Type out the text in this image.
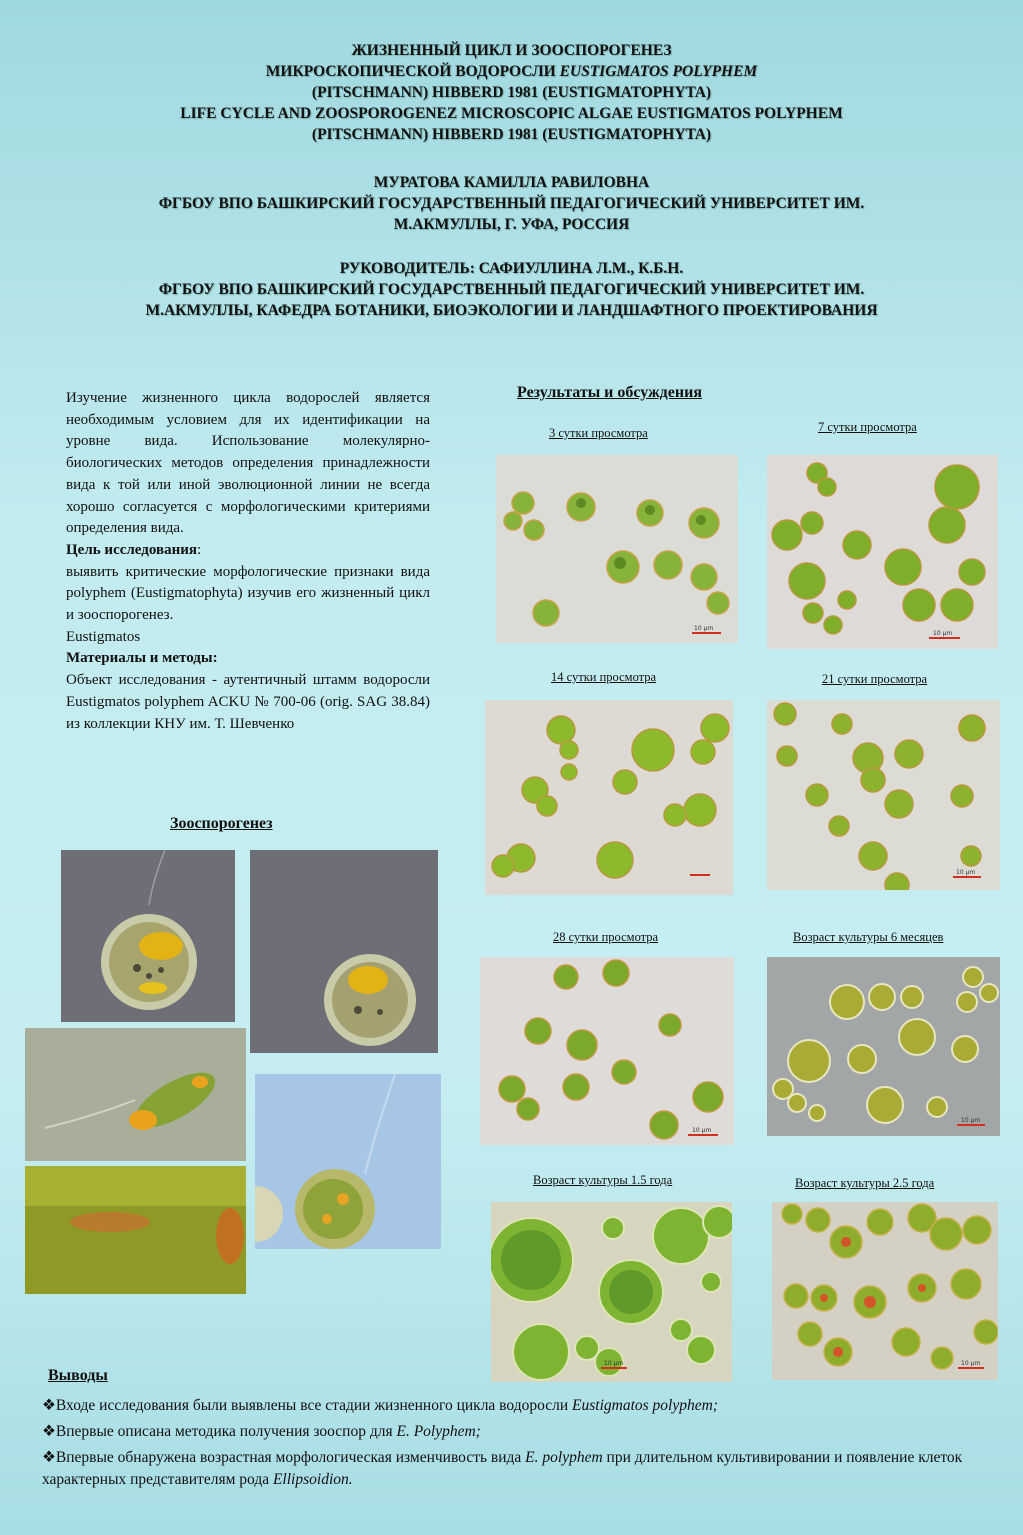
ЖИЗНЕННЫЙ ЦИКЛ И ЗООСПОРОГЕНЕЗ
МИКРОСКОПИЧЕСКОЙ ВОДОРОСЛИ EUSTIGMATOS POLYPHEM
(PITSCHMANN) HIBBERD 1981 (EUSTIGMATOPHYTA)
LIFE CYCLE AND ZOOSPOROGENEZ MICROSCOPIC ALGAE EUSTIGMATOS POLYPHEM
(PITSCHMANN) HIBBERD 1981 (EUSTIGMATOPHYTA)
МУРАТОВА КАМИЛЛА РАВИЛОВНА
ФГБОУ ВПО БАШКИРСКИЙ ГОСУДАРСТВЕННЫЙ ПЕДАГОГИЧЕСКИЙ УНИВЕРСИТЕТ ИМ.
М.АКМУЛЛЫ, Г. УФА, РОССИЯ
РУКОВОДИТЕЛЬ: САФИУЛЛИНА Л.М., К.Б.Н.
ФГБОУ ВПО БАШКИРСКИЙ ГОСУДАРСТВЕННЫЙ ПЕДАГОГИЧЕСКИЙ УНИВЕРСИТЕТ ИМ.
М.АКМУЛЛЫ, КАФЕДРА БОТАНИКИ, БИОЭКОЛОГИИ И ЛАНДШАФТНОГО ПРОЕКТИРОВАНИЯ

Изучение жизненного цикла водорослей является необходимым условием для их идентификации на уровне вида. Использование молекулярно-биологических методов определения принадлежности вида к той или иной эволюционной линии не всегда хорошо согласуется с морфологическими критериями определения вида.

Цель исследования:

выявить критические морфологические признаки вида polyphem (Eustigmatophyta) изучив его жизненный цикл и зооспорогенез.

Eustigmatos

Материалы и методы:

Объект исследования - аутентичный штамм водоросли Eustigmatos polyphem ACKU № 700-06 (orig. SAG 38.84) из коллекции КНУ им. Т. Шевченко

Зооспорогенез
Результаты и обсуждения
3 сутки просмотра	7 сутки просмотра
14 сутки просмотра	21 сутки просмотра
28 сутки просмотра	Возраст культуры 6 месяцев
Возраст культуры 1.5 года	Возраст культуры 2.5 года
10 μm
10 μm
10 μm
10 μm
10 μm
10 μm	10 μm
Выводы

❖Входе исследования были выявлены все стадии жизненного цикла водоросли Eustigmatos polyphem;

❖Впервые описана методика получения зооспор для E. Polyphem;

❖Впервые обнаружена возрастная морфологическая изменчивость вида E. polyphem при длительном культивировании и появление клеток характерных представителям рода Ellipsoidion.
